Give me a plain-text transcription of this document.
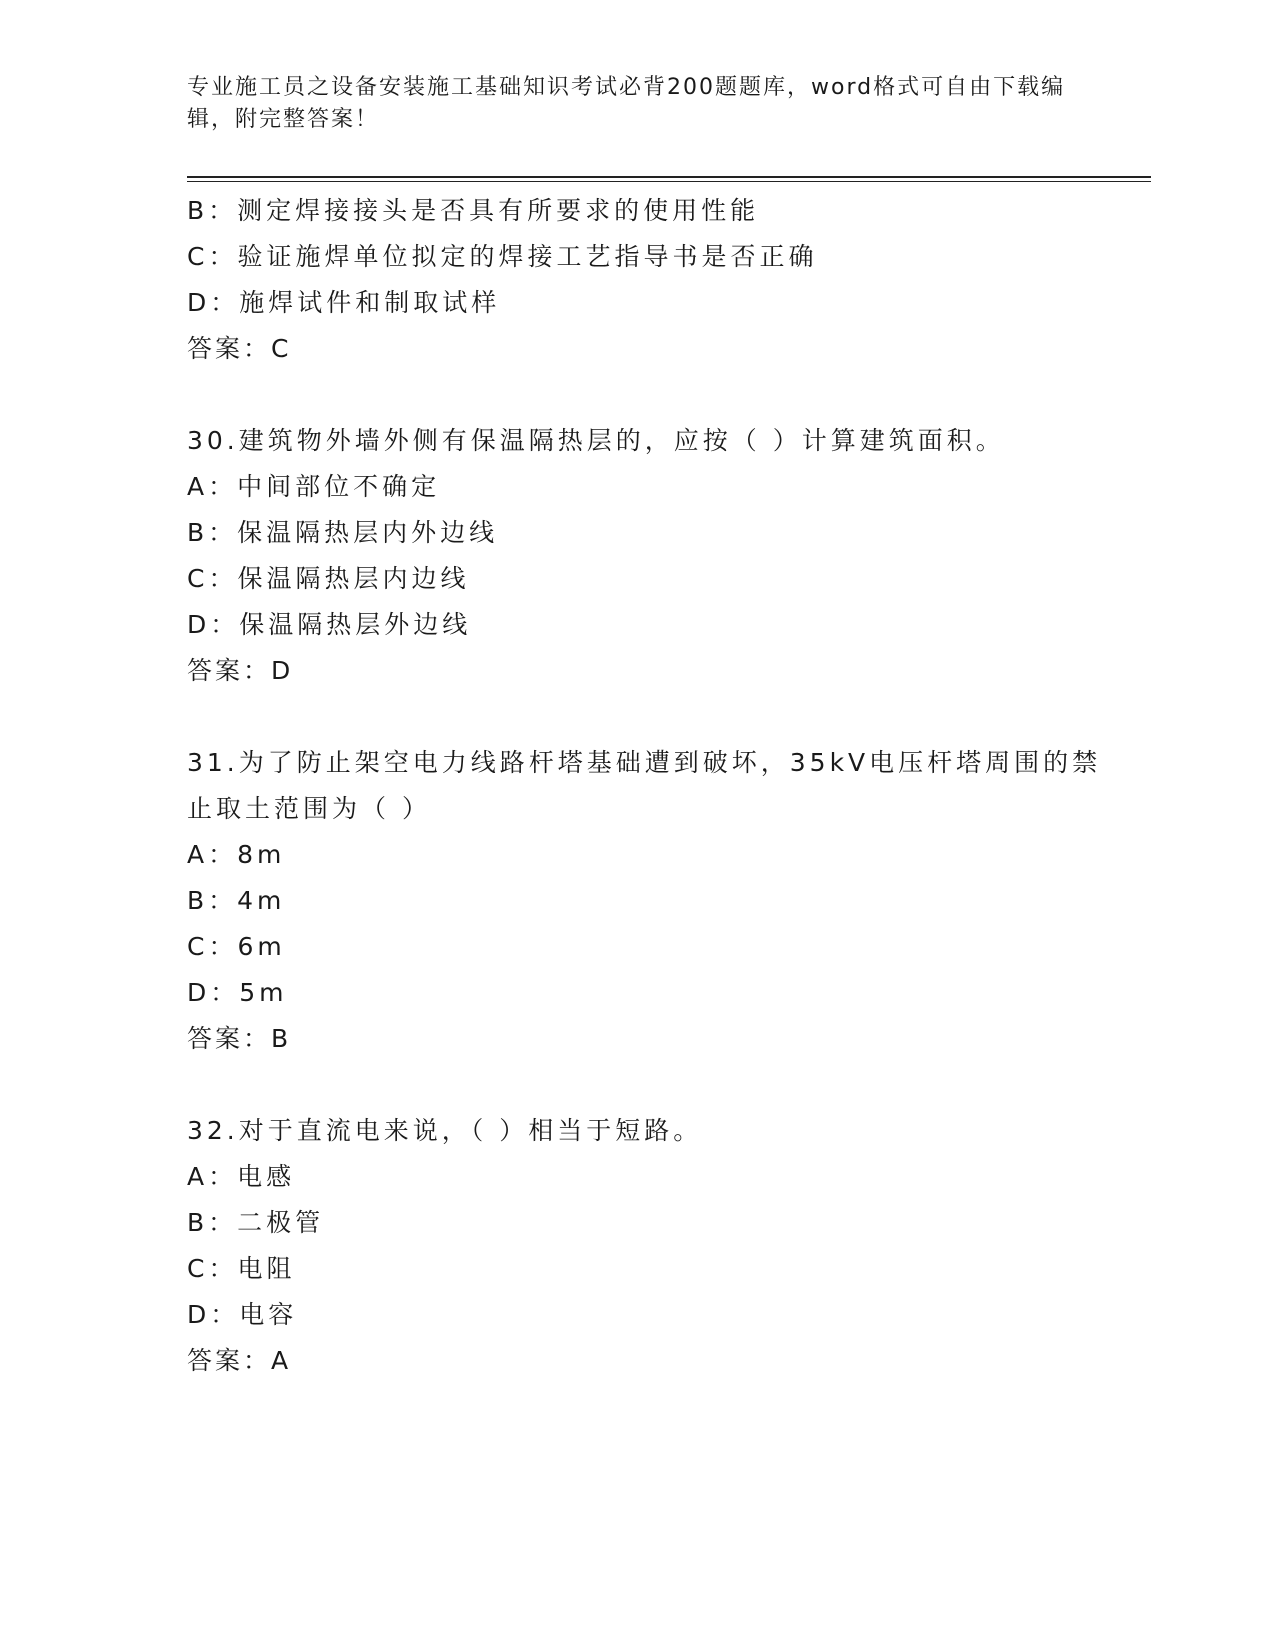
专业施工员之设备安装施工基础知识考试必背200题题库，word格式可自由下载编辑，附完整答案！
B：测定焊接接头是否具有所要求的使用性能
C：验证施焊单位拟定的焊接工艺指导书是否正确
D：施焊试件和制取试样
答案：C
30.建筑物外墙外侧有保温隔热层的，应按（ ）计算建筑面积。
A：中间部位不确定
B：保温隔热层内外边线
C：保温隔热层内边线
D：保温隔热层外边线
答案：D
31.为了防止架空电力线路杆塔基础遭到破坏，35kV电压杆塔周围的禁
止取土范围为（ ）
A：8m
B：4m
C：6m
D：5m
答案：B
32.对于直流电来说，（ ）相当于短路。
A：电感
B：二极管
C：电阻
D：电容
答案：A
